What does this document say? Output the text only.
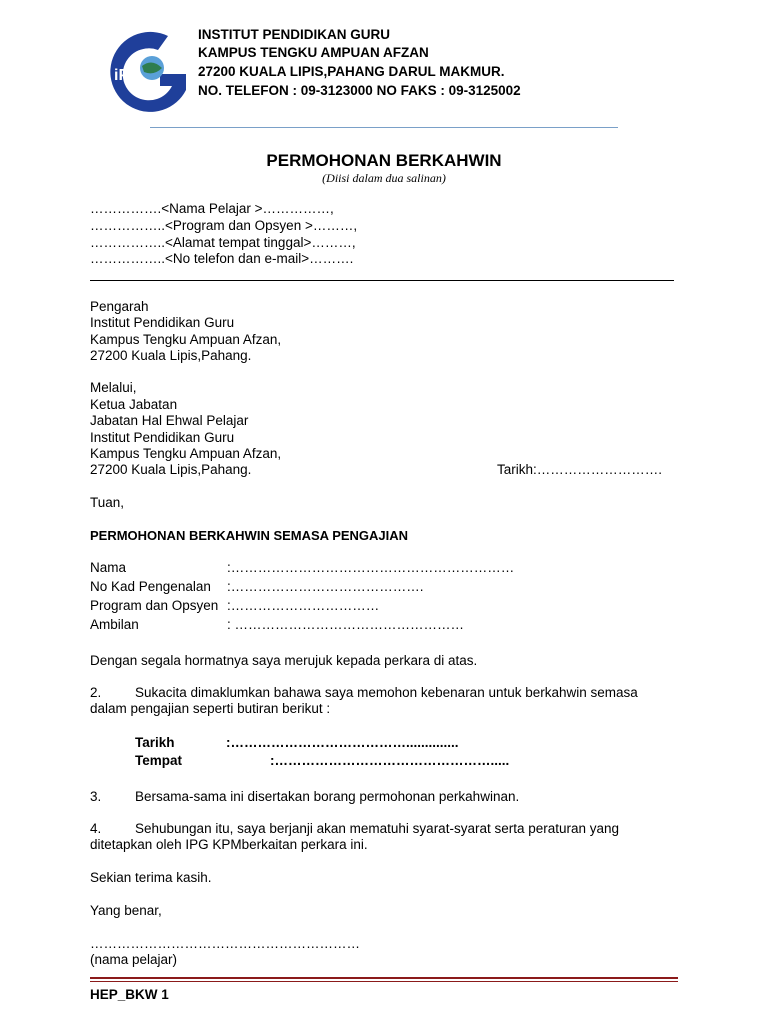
iPG
INSTITUT PENDIDIKAN GURU
KAMPUS TENGKU AMPUAN AFZAN
27200 KUALA LIPIS,PAHANG DARUL MAKMUR.
NO. TELEFON : 09-3123000 NO FAKS : 09-3125002
PERMOHONAN BERKAHWIN
(Diisi dalam dua salinan)
…………….<Nama Pelajar >……………,
……………..<Program dan Opsyen >………,
……………..<Alamat tempat tinggal>………,
……………..<No telefon dan e-mail>……….
Pengarah
Institut Pendidikan Guru
Kampus Tengku Ampuan Afzan,
27200 Kuala Lipis,Pahang.
Melalui,
Ketua Jabatan
Jabatan Hal Ehwal Pelajar
Institut Pendidikan Guru
Kampus Tengku Ampuan Afzan,
27200 Kuala Lipis,Pahang.	Tarikh:……………………….
Tuan,
PERMOHONAN BERKAHWIN SEMASA PENGAJIAN
Nama	:………………………………………………………
No Kad Pengenalan :…………………………………….
Program dan Opsyen :……………………………
Ambilan	: ……………………………………………
Dengan segala hormatnya saya merujuk kepada perkara di atas.
2. Sukacita dimaklumkan bahawa saya memohon kebenaran untuk berkahwin semasa
dalam pengajian seperti butiran berikut :
Tarikh	:…………………………………..............
Tempat	:………………………………………….....
3. Bersama-sama ini disertakan borang permohonan perkahwinan.
4. Sehubungan itu, saya berjanji akan mematuhi syarat-syarat serta peraturan yang
ditetapkan oleh IPG KPMberkaitan perkara ini.
Sekian terima kasih.
Yang benar,
……………………………………………………
(nama pelajar)
HEP_BKW 1
